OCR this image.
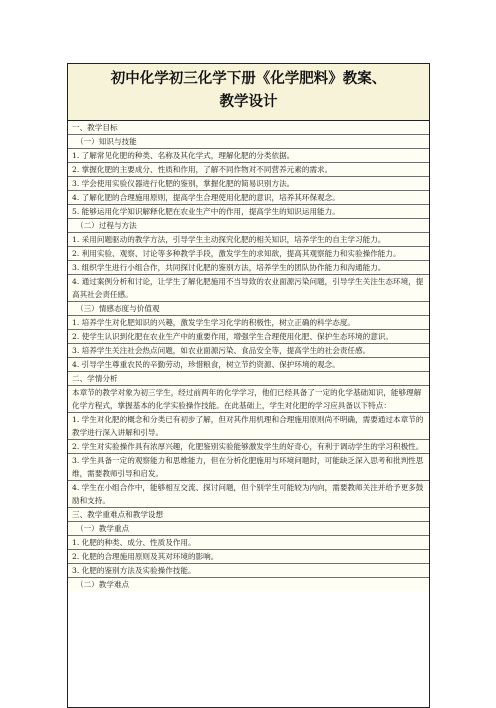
初中化学初三化学下册《化学肥料》教案、
教学设计
一、教学目标
（一）知识与技能
1. 了解常见化肥的种类、名称及其化学式，理解化肥的分类依据。
2. 掌握化肥的主要成分、性质和作用，了解不同作物对不同营养元素的需求。
3. 学会使用实验仪器进行化肥的鉴别，掌握化肥的简易识别方法。
4. 了解化肥的合理施用原则，提高学生合理使用化肥的意识，培养其环保观念。
5. 能够运用化学知识解释化肥在农业生产中的作用，提高学生的知识运用能力。
（二）过程与方法
1. 采用问题驱动的教学方法，引导学生主动探究化肥的相关知识，培养学生的自主学习能力。
2. 利用实验、观察、讨论等多种教学手段，激发学生的求知欲，提高其观察能力和实验操作能力。
3. 组织学生进行小组合作，共同探讨化肥的鉴别方法，培养学生的团队协作能力和沟通能力。
4. 通过案例分析和讨论，让学生了解化肥施用不当导致的农业面源污染问题，引导学生关注生态环境，提高其社会责任感。
（三）情感态度与价值观
1. 培养学生对化肥知识的兴趣，激发学生学习化学的积极性，树立正确的科学态度。
2. 使学生认识到化肥在农业生产中的重要作用，增强学生合理使用化肥、保护生态环境的意识。
3. 培养学生关注社会热点问题，如农业面源污染、食品安全等，提高学生的社会责任感。
4. 引导学生尊重农民的辛勤劳动，珍惜粮食，树立节约资源、保护环境的观念。
二、学情分析
本章节的教学对象为初三学生，经过前两年的化学学习，他们已经具备了一定的化学基础知识，能够理解化学方程式，掌握基本的化学实验操作技能。在此基础上，学生对化肥的学习应具备以下特点：
1. 学生对化肥的概念和分类已有初步了解，但对其作用机理和合理施用原则尚不明确，需要通过本章节的教学进行深入讲解和引导。
2. 学生对实验操作具有浓厚兴趣，化肥鉴别实验能够激发学生的好奇心，有利于调动学生的学习积极性。
3. 学生具备一定的观察能力和思维能力，但在分析化肥施用与环境问题时，可能缺乏深入思考和批判性思维，需要教师引导和启发。
4. 学生在小组合作中，能够相互交流、探讨问题，但个别学生可能较为内向，需要教师关注并给予更多鼓励和支持。
三、教学重难点和教学设想
（一）教学重点
1. 化肥的种类、成分、性质及作用。
2. 化肥的合理施用原则及其对环境的影响。
3. 化肥的鉴别方法及实验操作技能。
（二）教学难点
